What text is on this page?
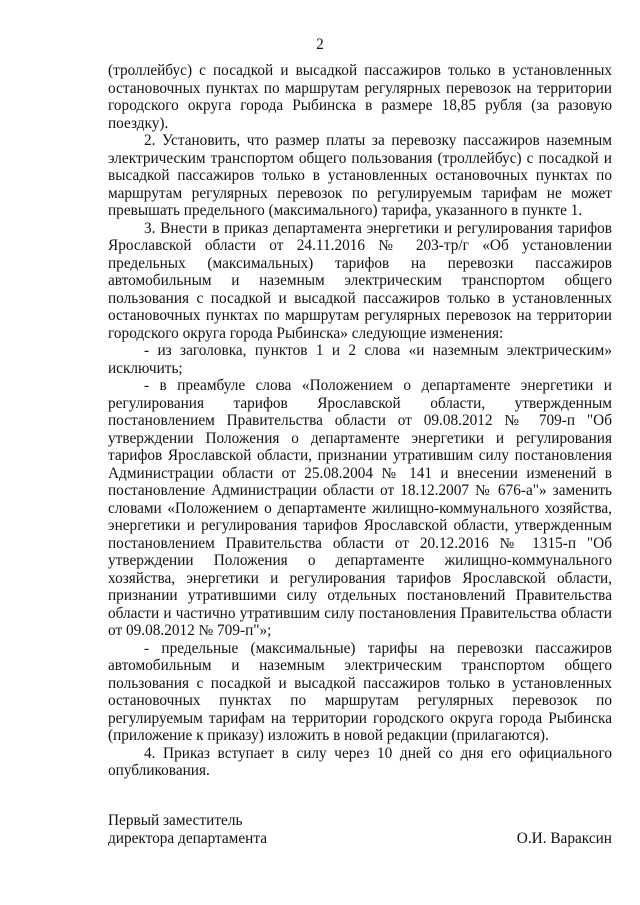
2

(троллейбус) с посадкой и высадкой пассажиров только в установленных остановочных пунктах по маршрутам регулярных перевозок на территории городского округа города Рыбинска в размере 18,85 рубля (за разовую поездку).

2. Установить, что размер платы за перевозку пассажиров наземным электрическим транспортом общего пользования (троллейбус) с посадкой и высадкой пассажиров только в установленных остановочных пунктах по маршрутам регулярных перевозок по регулируемым тарифам не может превышать предельного (максимального) тарифа, указанного в пункте 1.

3. Внести в приказ департамента энергетики и регулирования тарифов Ярославской области от 24.11.2016 № 203-тр/г «Об установлении предельных (максимальных) тарифов на перевозки пассажиров автомобильным и наземным электрическим транспортом общего пользования с посадкой и высадкой пассажиров только в установленных остановочных пунктах по маршрутам регулярных перевозок на территории городского округа города Рыбинска» следующие изменения:

- из заголовка, пунктов 1 и 2 слова «и наземным электрическим» исключить;

- в преамбуле слова «Положением о департаменте энергетики и регулирования тарифов Ярославской области, утвержденным постановлением Правительства области от 09.08.2012 № 709-п "Об утверждении Положения о департаменте энергетики и регулирования тарифов Ярославской области, признании утратившим силу постановления Администрации области от 25.08.2004 № 141 и внесении изменений в постановление Администрации области от 18.12.2007 № 676-а"» заменить словами «Положением о департаменте жилищно-коммунального хозяйства, энергетики и регулирования тарифов Ярославской области, утвержденным постановлением Правительства области от 20.12.2016 № 1315-п "Об утверждении Положения о департаменте жилищно-коммунального хозяйства, энергетики и регулирования тарифов Ярославской области, признании утратившими силу отдельных постановлений Правительства области и частично утратившим силу постановления Правительства области от 09.08.2012 № 709-п"»;

- предельные (максимальные) тарифы на перевозки пассажиров автомобильным и наземным электрическим транспортом общего пользования с посадкой и высадкой пассажиров только в установленных остановочных пунктах по маршрутам регулярных перевозок по регулируемым тарифам на территории городского округа города Рыбинска (приложение к приказу) изложить в новой редакции (прилагаются).

4. Приказ вступает в силу через 10 дней со дня его официального опубликования.

Первый заместитель
директора департамента	О.И. Вараксин
